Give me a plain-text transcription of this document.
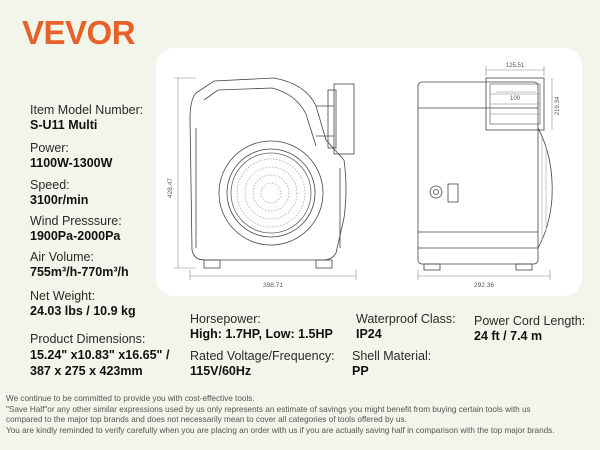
VEVOR
428.47
398.71
125.51
100	219.34
292.36
Item Model Number:
S-U11 Multi
Power:
1100W-1300W
Speed:
3100r/min
Wind Presssure:
1900Pa-2000Pa
Air Volume:
755m³/h-770m³/h
Net Weight:
24.03 lbs / 10.9 kg
Product Dimensions:
15.24" x10.83" x16.65" /
387 x 275 x 423mm
Horsepower:
High: 1.7HP, Low: 1.5HP
Rated Voltage/Frequency:
115V/60Hz
Waterproof Class:
IP24
Shell Material:
PP
Power Cord Length:
24 ft / 7.4 m
We continue to be committed to provide you with cost-effective tools.
"Save Half"or any other similar expressions used by us only represents an estimate of savings you might benefit from buying certain tools with us
compared to the major top brands and does not necessarily mean to cover all categories of tools offered by us.
You are kindly reminded to verify carefully when you are placing an order with us if you are actually saving half in comparison with the top major brands.
